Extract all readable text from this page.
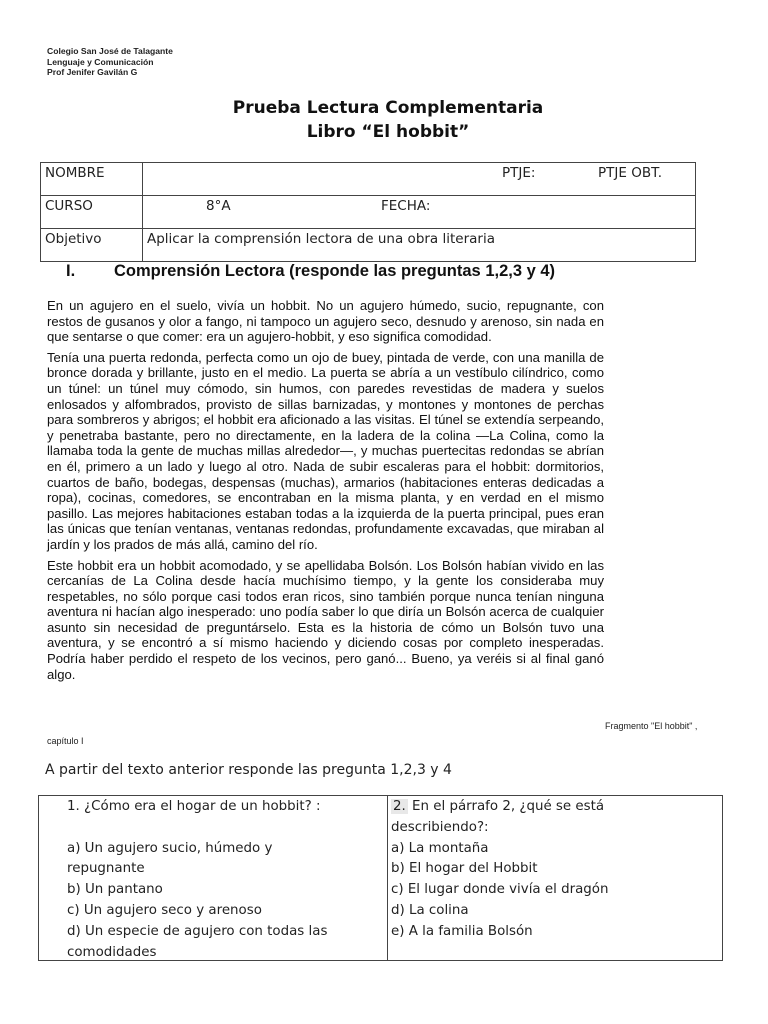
Colegio San José de Talagante
Lenguaje y Comunicación
Prof Jenifer Gavilán G
Prueba Lectura Complementaria
Libro “El hobbit”
NOMBRE	PTJE: PTJE OBT.

CURSO	8°A FECHA:

Objetivo	Aplicar la comprensión lectora de una obra literaria
I. Comprensión Lectora (responde las preguntas 1,2,3 y 4)

En un agujero en el suelo, vivía un hobbit. No un agujero húmedo, sucio, repugnante, con restos de gusanos y olor a fango, ni tampoco un agujero seco, desnudo y arenoso, sin nada en que sentarse o que comer: era un agujero-hobbit, y eso significa comodidad.

Tenía una puerta redonda, perfecta como un ojo de buey, pintada de verde, con una manilla de bronce dorada y brillante, justo en el medio. La puerta se abría a un vestíbulo cilíndrico, como un túnel: un túnel muy cómodo, sin humos, con paredes revestidas de madera y suelos enlosados y alfombrados, provisto de sillas barnizadas, y montones y montones de perchas para sombreros y abrigos; el hobbit era aficionado a las visitas. El túnel se extendía serpeando, y penetraba bastante, pero no directamente, en la ladera de la colina —La Colina, como la llamaba toda la gente de muchas millas alrededor—, y muchas puertecitas redondas se abrían en él, primero a un lado y luego al otro. Nada de subir escaleras para el hobbit: dormitorios, cuartos de baño, bodegas, despensas (muchas), armarios (habitaciones enteras dedicadas a ropa), cocinas, comedores, se encontraban en la misma planta, y en verdad en el mismo pasillo. Las mejores habitaciones estaban todas a la izquierda de la puerta principal, pues eran las únicas que tenían ventanas, ventanas redondas, profundamente excavadas, que miraban al jardín y los prados de más allá, camino del río.

Este hobbit era un hobbit acomodado, y se apellidaba Bolsón. Los Bolsón habían vivido en las cercanías de La Colina desde hacía muchísimo tiempo, y la gente los consideraba muy respetables, no sólo porque casi todos eran ricos, sino también porque nunca tenían ninguna aventura ni hacían algo inesperado: uno podía saber lo que diría un Bolsón acerca de cualquier asunto sin necesidad de preguntárselo. Esta es la historia de cómo un Bolsón tuvo una aventura, y se encontró a sí mismo haciendo y diciendo cosas por completo inesperadas. Podría haber perdido el respeto de los vecinos, pero ganó... Bueno, ya veréis si al final ganó algo.

Fragmento "El hobbit" ,
capítulo I
A partir del texto anterior responde las pregunta 1,2,3 y 4
1. ¿Cómo era el hogar de un hobbit? :
a) Un agujero sucio, húmedo y repugnante
b) Un pantano
c) Un agujero seco y arenoso
d) Un especie de agujero con todas las comodidades
2. En el párrafo 2, ¿qué se está describiendo?:
a) La montaña
b) El hogar del Hobbit
c) El lugar donde vivía el dragón
d) La colina
e) A la familia Bolsón
